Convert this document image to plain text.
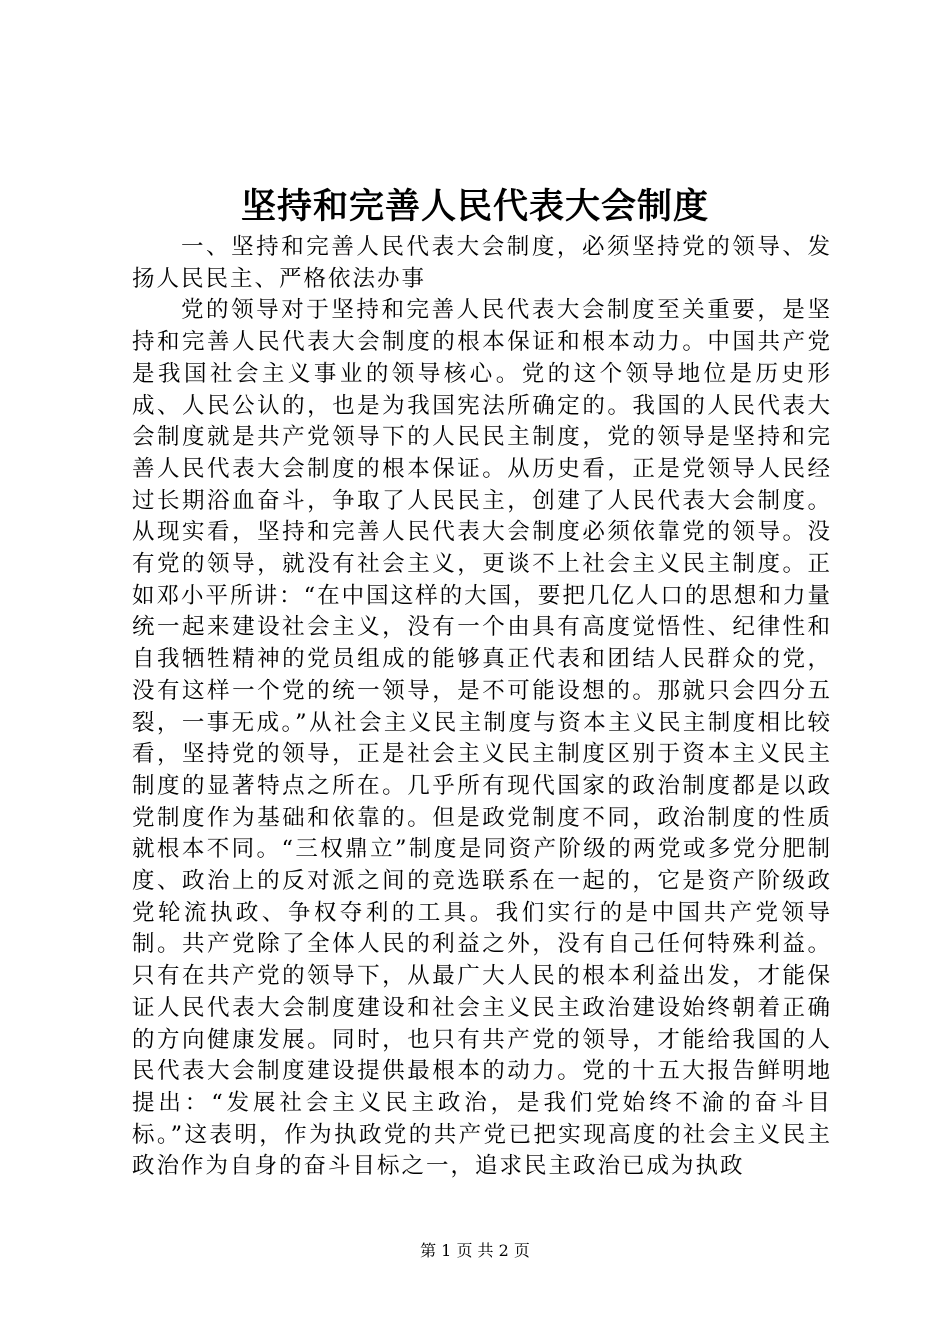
坚持和完善人民代表大会制度

一、坚持和完善人民代表大会制度，必须坚持党的领导、发扬人民民主、严格依法办事

党的领导对于坚持和完善人民代表大会制度至关重要，是坚持和完善人民代表大会制度的根本保证和根本动力。中国共产党是我国社会主义事业的领导核心。党的这个领导地位是历史形成、人民公认的，也是为我国宪法所确定的。我国的人民代表大会制度就是共产党领导下的人民民主制度，党的领导是坚持和完善人民代表大会制度的根本保证。从历史看，正是党领导人民经过长期浴血奋斗，争取了人民民主，创建了人民代表大会制度。从现实看，坚持和完善人民代表大会制度必须依靠党的领导。没有党的领导，就没有社会主义，更谈不上社会主义民主制度。正如邓小平所讲：“在中国这样的大国，要把几亿人口的思想和力量统一起来建设社会主义，没有一个由具有高度觉悟性、纪律性和自我牺牲精神的党员组成的能够真正代表和团结人民群众的党，没有这样一个党的统一领导，是不可能设想的。那就只会四分五裂，一事无成。”从社会主义民主制度与资本主义民主制度相比较看，坚持党的领导，正是社会主义民主制度区别于资本主义民主制度的显著特点之所在。几乎所有现代国家的政治制度都是以政党制度作为基础和依靠的。但是政党制度不同，政治制度的性质就根本不同。“三权鼎立”制度是同资产阶级的两党或多党分肥制度、政治上的反对派之间的竞选联系在一起的，它是资产阶级政党轮流执政、争权夺利的工具。我们实行的是中国共产党领导制。共产党除了全体人民的利益之外，没有自己任何特殊利益。只有在共产党的领导下，从最广大人民的根本利益出发，才能保证人民代表大会制度建设和社会主义民主政治建设始终朝着正确的方向健康发展。同时，也只有共产党的领导，才能给我国的人民代表大会制度建设提供最根本的动力。党的十五大报告鲜明地提出：“发展社会主义民主政治，是我们党始终不渝的奋斗目标。”这表明，作为执政党的共产党已把实现高度的社会主义民主政治作为自身的奋斗目标之一，追求民主政治已成为执政

第 1 页 共 2 页
